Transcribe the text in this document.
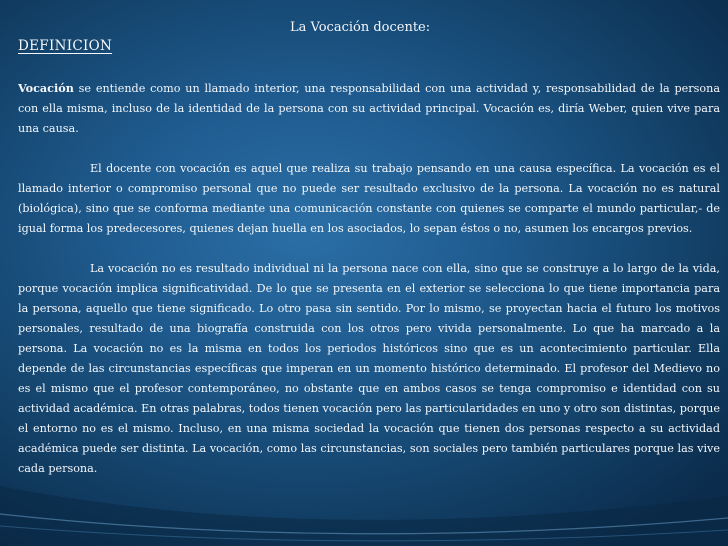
La Vocación docente:
DEFINICION

Vocación se entiende como un llamado interior, una responsabilidad con una actividad y, responsabilidad de la persona con ella misma, incluso de la identidad de la persona con su actividad principal. Vocación es, diría Weber, quien vive para una causa.

El docente con vocación es aquel que realiza su trabajo pensando en una causa específica. La vocación es el llamado interior o compromiso personal que no puede ser resultado exclusivo de la persona. La vocación no es natural (biológica), sino que se conforma mediante una comunicación constante con quienes se comparte el mundo particular,- de igual forma los predecesores, quienes dejan huella en los asociados, lo sepan éstos o no, asumen los encargos previos.

La vocación no es resultado individual ni la persona nace con ella, sino que se construye a lo largo de la vida, porque vocación implica significatividad. De lo que se presenta en el exterior se selecciona lo que tiene importancia para la persona, aquello que tiene significado. Lo otro pasa sin sentido. Por lo mismo, se proyectan hacia el futuro los motivos personales, resultado de una biografía construida con los otros pero vivida personalmente. Lo que ha marcado a la persona. La vocación no es la misma en todos los periodos históricos sino que es un acontecimiento particular. Ella depende de las circunstancias específicas que imperan en un momento histórico determinado. El profesor del Medievo no es el mismo que el profesor contemporáneo, no obstante que en ambos casos se tenga compromiso e identidad con su actividad académica. En otras palabras, todos tienen vocación pero las particularidades en uno y otro son distintas, porque el entorno no es el mismo. Incluso, en una misma sociedad la vocación que tienen dos personas respecto a su actividad académica puede ser distinta. La vocación, como las circunstancias, son sociales pero también particulares porque las vive cada persona.
